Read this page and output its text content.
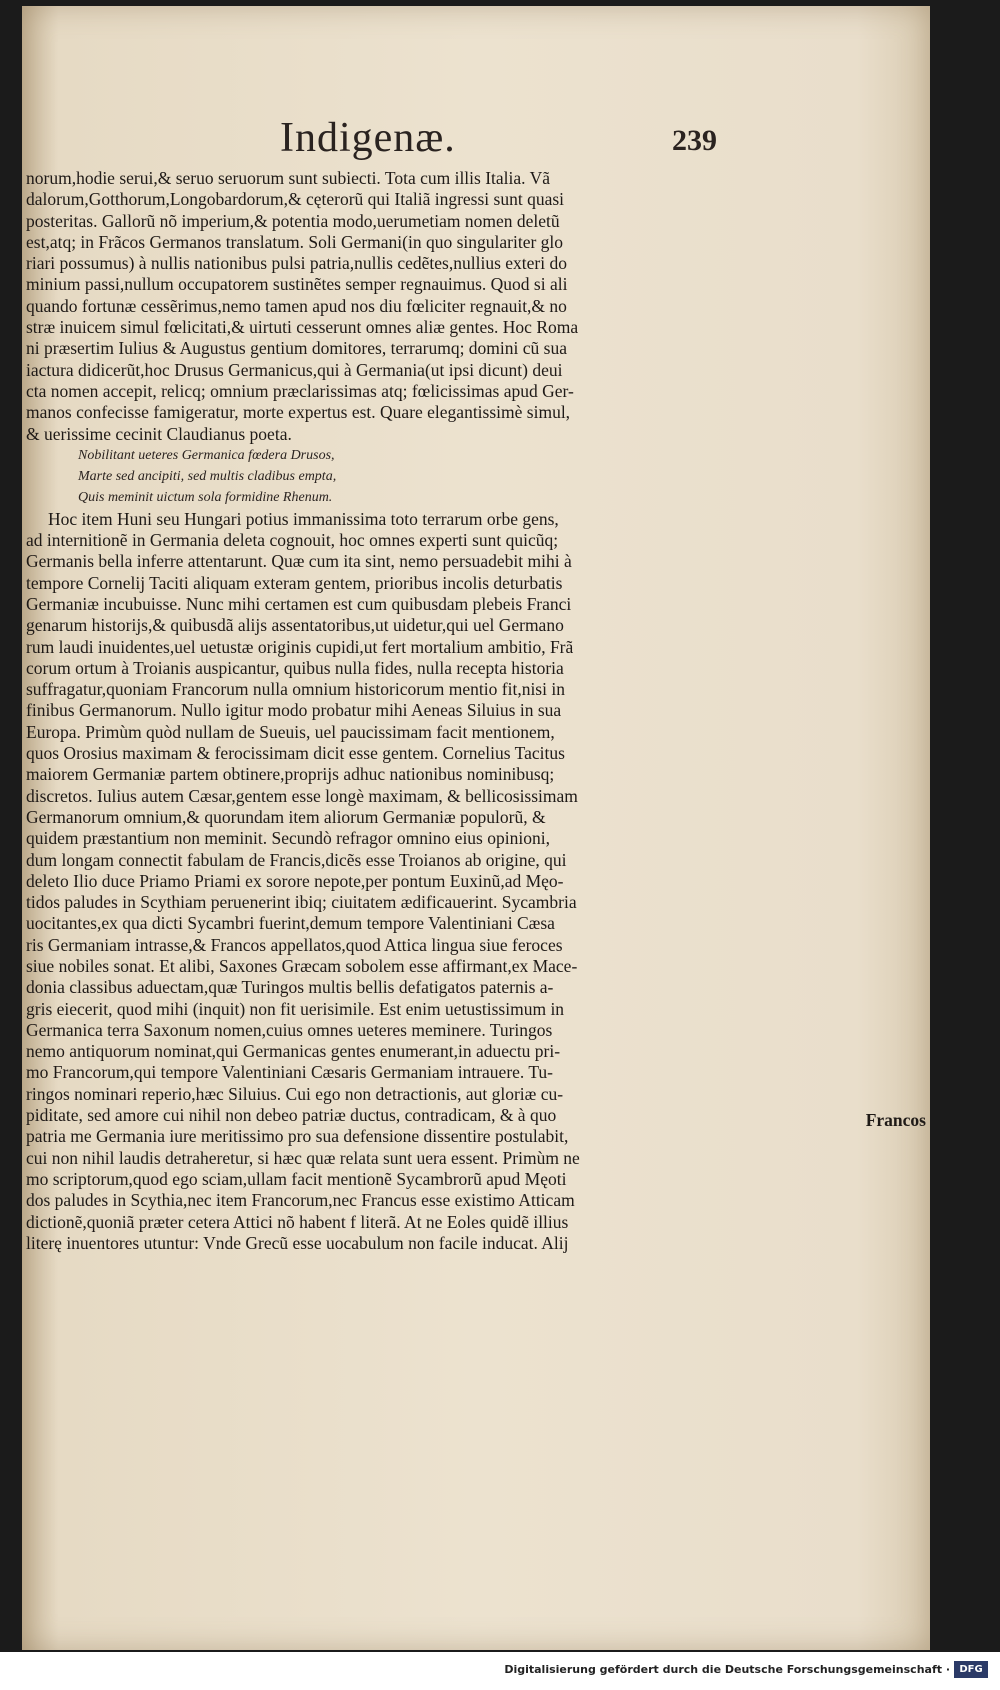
Indigenæ.	239
norum,hodie serui,& seruo seruorum sunt subiecti. Tota cum illis Italia. Vã
dalorum,Gotthorum,Longobardorum,& cęterorũ qui Italiã ingressi sunt quasi
posteritas. Gallorũ nõ imperium,& potentia modo,uerumetiam nomen deletũ
est,atq; in Frãcos Germanos translatum. Soli Germani(in quo singulariter glo
riari possumus) à nullis nationibus pulsi patria,nullis cedẽtes,nullius exteri do
minium passi,nullum occupatorem sustinẽtes semper regnauimus. Quod si ali
quando fortunæ cessẽrimus,nemo tamen apud nos diu fœliciter regnauit,& no
stræ inuicem simul fœlicitati,& uirtuti cesserunt omnes aliæ gentes. Hoc Roma
ni præsertim Iulius & Augustus gentium domitores, terrarumq; domini cũ sua
iactura didicerũt,hoc Drusus Germanicus,qui à Germania(ut ipsi dicunt) deui
cta nomen accepit, relicq; omnium præclarissimas atq; fœlicissimas apud Ger-
manos confecisse famigeratur, morte expertus est. Quare elegantissimè simul,
& uerissime cecinit Claudianus poeta.
Nobilitant ueteres Germanica fœdera Drusos,
Marte sed ancipiti, sed multis cladibus empta,
Quis meminit uictum sola formidine Rhenum.
Hoc item Huni seu Hungari potius immanissima toto terrarum orbe gens,
ad internitionẽ in Germania deleta cognouit, hoc omnes experti sunt quicũq;
Germanis bella inferre attentarunt. Quæ cum ita sint, nemo persuadebit mihi à
tempore Cornelij Taciti aliquam exteram gentem, prioribus incolis deturbatis
Germaniæ incubuisse. Nunc mihi certamen est cum quibusdam plebeis Franci
genarum historijs,& quibusdã alijs assentatoribus,ut uidetur,qui uel Germano
rum laudi inuidentes,uel uetustæ originis cupidi,ut fert mortalium ambitio, Frã
corum ortum à Troianis auspicantur, quibus nulla fides, nulla recepta historia
suffragatur,quoniam Francorum nulla omnium historicorum mentio fit,nisi in
finibus Germanorum. Nullo igitur modo probatur mihi Aeneas Siluius in sua
Europa. Primùm quòd nullam de Sueuis, uel paucissimam facit mentionem,
quos Orosius maximam & ferocissimam dicit esse gentem. Cornelius Tacitus
maiorem Germaniæ partem obtinere,proprijs adhuc nationibus nominibusq;
discretos. Iulius autem Cæsar,gentem esse longè maximam, & bellicosissimam
Germanorum omnium,& quorundam item aliorum Germaniæ populorũ, &
quidem præstantium non meminit. Secundò refragor omnino eius opinioni,
dum longam connectit fabulam de Francis,dicẽs esse Troianos ab origine, qui
deleto Ilio duce Priamo Priami ex sorore nepote,per pontum Euxinũ,ad Męo-
tidos paludes in Scythiam peruenerint ibiq; ciuitatem ædificauerint. Sycambria
uocitantes,ex qua dicti Sycambri fuerint,demum tempore Valentiniani Cæsa
ris Germaniam intrasse,& Francos appellatos,quod Attica lingua siue feroces
siue nobiles sonat. Et alibi, Saxones Græcam sobolem esse affirmant,ex Mace-
donia classibus aduectam,quæ Turingos multis bellis defatigatos paternis a-
gris eiecerit, quod mihi (inquit) non fit uerisimile. Est enim uetustissimum in
Germanica terra Saxonum nomen,cuius omnes ueteres meminere. Turingos
nemo antiquorum nominat,qui Germanicas gentes enumerant,in aduectu pri-
mo Francorum,qui tempore Valentiniani Cæsaris Germaniam intrauere. Tu-
ringos nominari reperio,hæc Siluius. Cui ego non detractionis, aut gloriæ cu-
piditate, sed amore cui nihil non debeo patriæ ductus, contradicam, & à quo
patria me Germania iure meritissimo pro sua defensione dissentire postulabit,
cui non nihil laudis detraheretur, si hæc quæ relata sunt uera essent. Primùm ne
mo scriptorum,quod ego sciam,ullam facit mentionẽ Sycambrorũ apud Męoti
dos paludes in Scythia,nec item Francorum,nec Francus esse existimo Atticam
dictionẽ,quoniã præter cetera Attici nõ habent f literã. At ne Eoles quidẽ illius
literę inuentores utuntur: Vnde Grecũ esse uocabulum non facile inducat. Alij
Francos
Digitalisierung gefördert durch die Deutsche Forschungsgemeinschaft · DFG
